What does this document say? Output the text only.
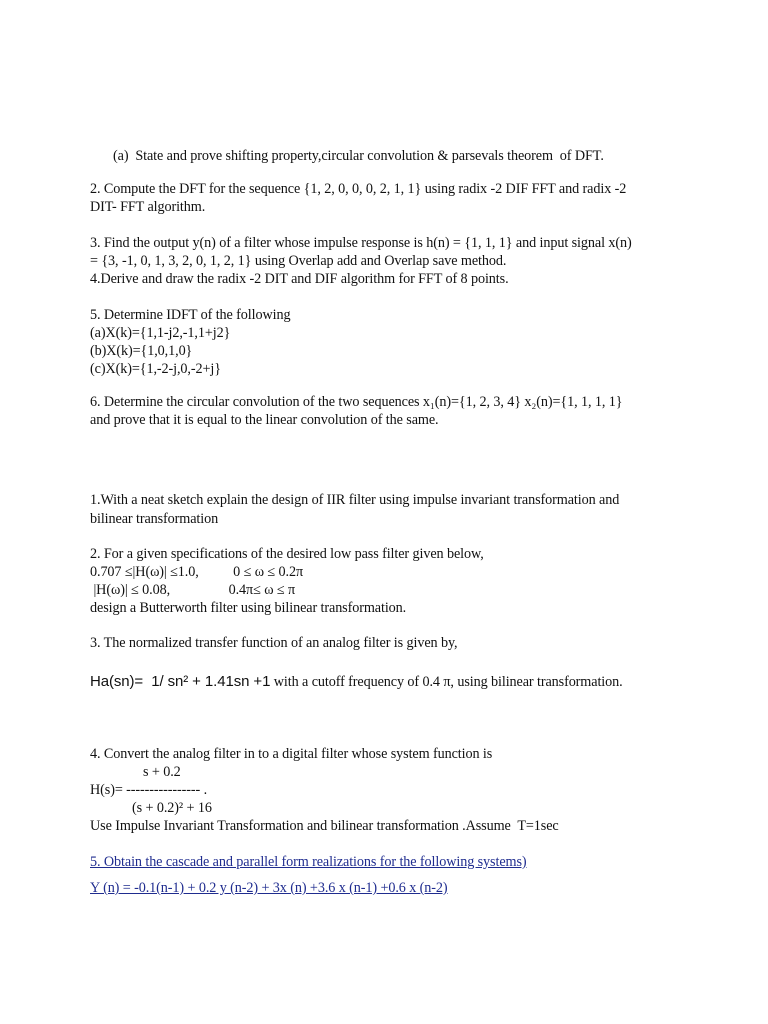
(a)  State and prove shifting property,circular convolution & parsevals theorem  of DFT.
2. Compute the DFT for the sequence {1, 2, 0, 0, 0, 2, 1, 1} using radix -2 DIF FFT and radix -2
DIT- FFT algorithm.
3. Find the output y(n) of a filter whose impulse response is h(n) = {1, 1, 1} and input signal x(n)
= {3, -1, 0, 1, 3, 2, 0, 1, 2, 1} using Overlap add and Overlap save method.
4.Derive and draw the radix -2 DIT and DIF algorithm for FFT of 8 points.
5. Determine IDFT of the following
(a)X(k)={1,1-j2,-1,1+j2}
(b)X(k)={1,0,1,0}
(c)X(k)={1,-2-j,0,-2+j}
6. Determine the circular convolution of the two sequences x₁(n)={1, 2, 3, 4} x₂(n)={1, 1, 1, 1}
and prove that it is equal to the linear convolution of the same.
1.With a neat sketch explain the design of IIR filter using impulse invariant transformation and
bilinear transformation
2. For a given specifications of the desired low pass filter given below,
0.707 ≤|H(ω)| ≤1.0,          0 ≤ ω ≤ 0.2π
|H(ω)| ≤ 0.08,                 0.4π≤ ω ≤ π
design a Butterworth filter using bilinear transformation.
3. The normalized transfer function of an analog filter is given by,
Ha(sn)=  1/ sn² + 1.41sn +1 with a cutoff frequency of 0.4 π, using bilinear transformation.
4. Convert the analog filter in to a digital filter whose system function is
s + 0.2
H(s)= ---------------- .
(s + 0.2)² + 16
Use Impulse Invariant Transformation and bilinear transformation .Assume  T=1sec
5. Obtain the cascade and parallel form realizations for the following systems)
Y (n) = -0.1(n-1) + 0.2 y (n-2) + 3x (n) +3.6 x (n-1) +0.6 x (n-2)
